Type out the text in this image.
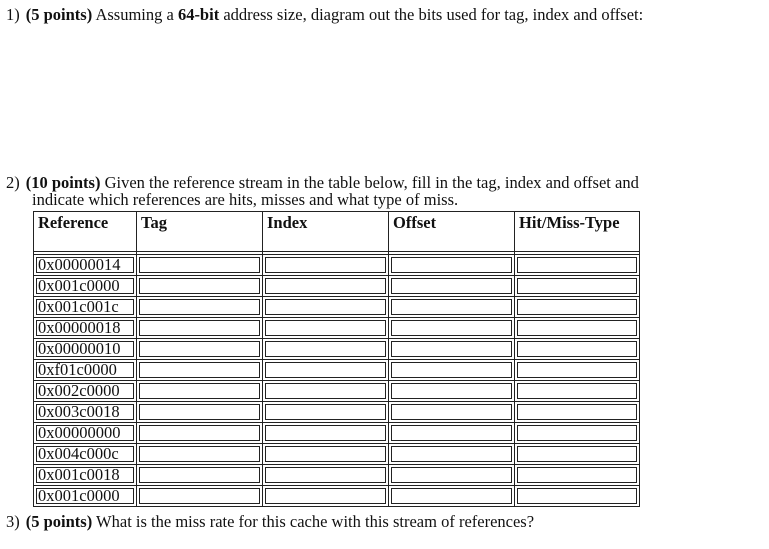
1) (5 points) Assuming a 64-bit address size, diagram out the bits used for tag, index and offset:
2) (10 points) Given the reference stream in the table below, fill in the tag, index and offset and
indicate which references are hits, misses and what type of miss.
Reference	Tag	Index	Offset	Hit/Miss-Type
0x00000014				
0x001c0000				
0x001c001c				
0x00000018				
0x00000010				
0xf01c0000				
0x002c0000				
0x003c0018				
0x00000000				
0x004c000c				
0x001c0018				
0x001c0000				
3) (5 points) What is the miss rate for this cache with this stream of references?
